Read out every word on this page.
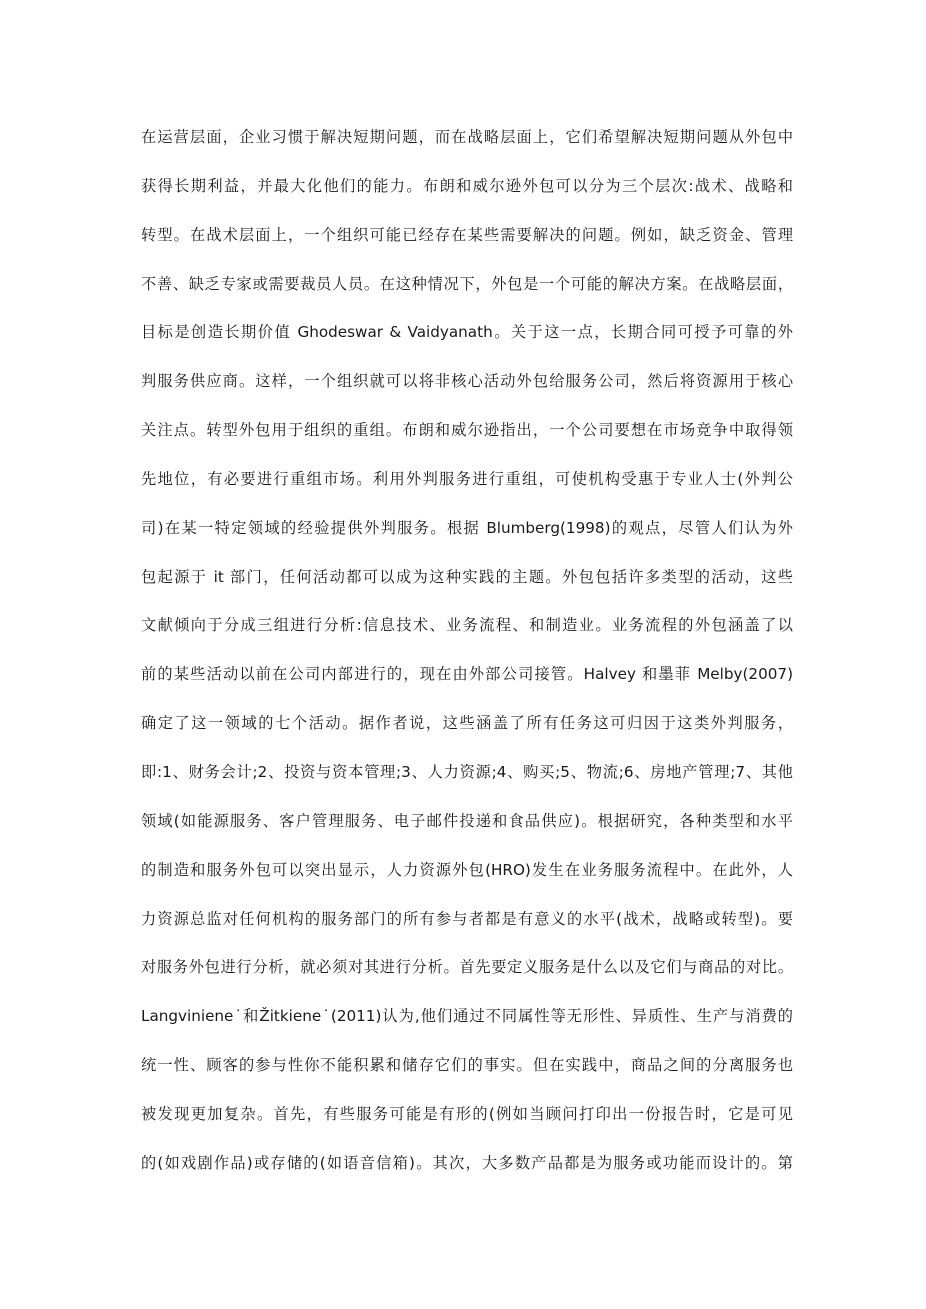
在运营层面，企业习惯于解决短期问题，而在战略层面上，它们希望解决短期问题从外包中
获得长期利益，并最大化他们的能力。布朗和威尔逊外包可以分为三个层次:战术、战略和
转型。在战术层面上，一个组织可能已经存在某些需要解决的问题。例如，缺乏资金、管理
不善、缺乏专家或需要裁员人员。在这种情况下，外包是一个可能的解决方案。在战略层面，
目标是创造长期价值 Ghodeswar & Vaidyanath。关于这一点，长期合同可授予可靠的外
判服务供应商。这样，一个组织就可以将非核心活动外包给服务公司，然后将资源用于核心
关注点。转型外包用于组织的重组。布朗和威尔逊指出，一个公司要想在市场竞争中取得领
先地位，有必要进行重组市场。利用外判服务进行重组，可使机构受惠于专业人士(外判公
司)在某一特定领域的经验提供外判服务。根据 Blumberg(1998)的观点，尽管人们认为外
包起源于 it 部门，任何活动都可以成为这种实践的主题。外包包括许多类型的活动，这些
文献倾向于分成三组进行分析:信息技术、业务流程、和制造业。业务流程的外包涵盖了以
前的某些活动以前在公司内部进行的，现在由外部公司接管。Halvey 和墨菲 Melby(2007)
确定了这一领域的七个活动。据作者说，这些涵盖了所有任务这可归因于这类外判服务，
即:1、财务会计;2、投资与资本管理;3、人力资源;4、购买;5、物流;6、房地产管理;7、其他
领域(如能源服务、客户管理服务、电子邮件投递和食品供应)。根据研究，各种类型和水平
的制造和服务外包可以突出显示，人力资源外包(HRO)发生在业务服务流程中。在此外，人
力资源总监对任何机构的服务部门的所有参与者都是有意义的水平(战术，战略或转型)。要
对服务外包进行分析，就必须对其进行分析。首先要定义服务是什么以及它们与商品的对比。
Langviniene˙和Žitkiene˙(2011)认为,他们通过不同属性等无形性、异质性、生产与消费的
统一性、顾客的参与性你不能积累和储存它们的事实。但在实践中，商品之间的分离服务也
被发现更加复杂。首先，有些服务可能是有形的(例如当顾问打印出一份报告时，它是可见
的(如戏剧作品)或存储的(如语音信箱)。其次，大多数产品都是为服务或功能而设计的。第
